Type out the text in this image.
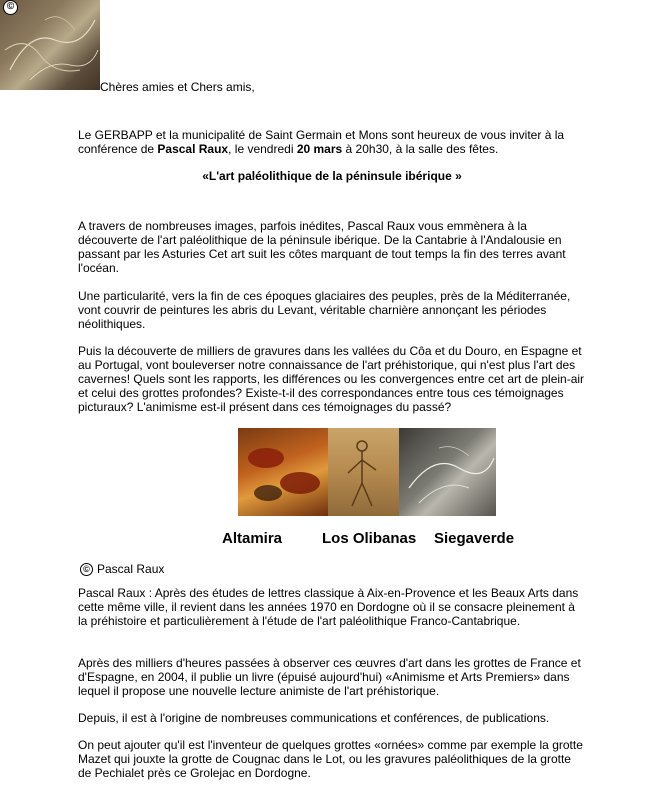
©
Chères amies et Chers amis,
Le GERBAPP et la municipalité de Saint Germain et Mons sont heureux de vous inviter à la conférence de Pascal Raux, le vendredi 20 mars à 20h30, à la salle des fêtes.
«L'art paléolithique de la péninsule ibérique »
A travers de nombreuses images, parfois inédites, Pascal Raux vous emmènera à la découverte de l'art paléolithique de la péninsule ibérique. De la Cantabrie à l'Andalousie en passant par les Asturies Cet art suit les côtes marquant de tout temps la fin des terres avant l'océan.
Une particularité, vers la fin de ces époques glaciaires des peuples, près de la Méditerranée, vont couvrir de peintures les abris du Levant, véritable charnière annonçant les périodes néolithiques.
Puis la découverte de milliers de gravures dans les vallées du Côa et du Douro, en Espagne et au Portugal, vont bouleverser notre connaissance de l'art préhistorique, qui n'est plus l'art des cavernes! Quels sont les rapports, les différences ou les convergences entre cet art de plein-air et celui des grottes profondes? Existe-t-il des correspondances entre tous ces témoignages picturaux? L'animisme est-il présent dans ces témoignages du passé?
Altamira	Los Olibanas Siegaverde
© Pascal Raux
Pascal Raux : Après des études de lettres classique à Aix-en-Provence et les Beaux Arts dans cette même ville, il revient dans les années 1970 en Dordogne où il se consacre pleinement à la préhistoire et particulièrement à l'étude de l'art paléolithique Franco-Cantabrique.
Après des milliers d'heures passées à observer ces œuvres d'art dans les grottes de France et d'Espagne, en 2004, il publie un livre (épuisé aujourd'hui) «Animisme et Arts Premiers» dans lequel il propose une nouvelle lecture animiste de l'art préhistorique.
Depuis, il est à l'origine de nombreuses communications et conférences, de publications.
On peut ajouter qu'il est l'inventeur de quelques grottes «ornées» comme par exemple la grotte Mazet qui jouxte la grotte de Cougnac dans le Lot, ou les gravures paléolithiques de la grotte de Pechialet près ce Grolejac en Dordogne.
